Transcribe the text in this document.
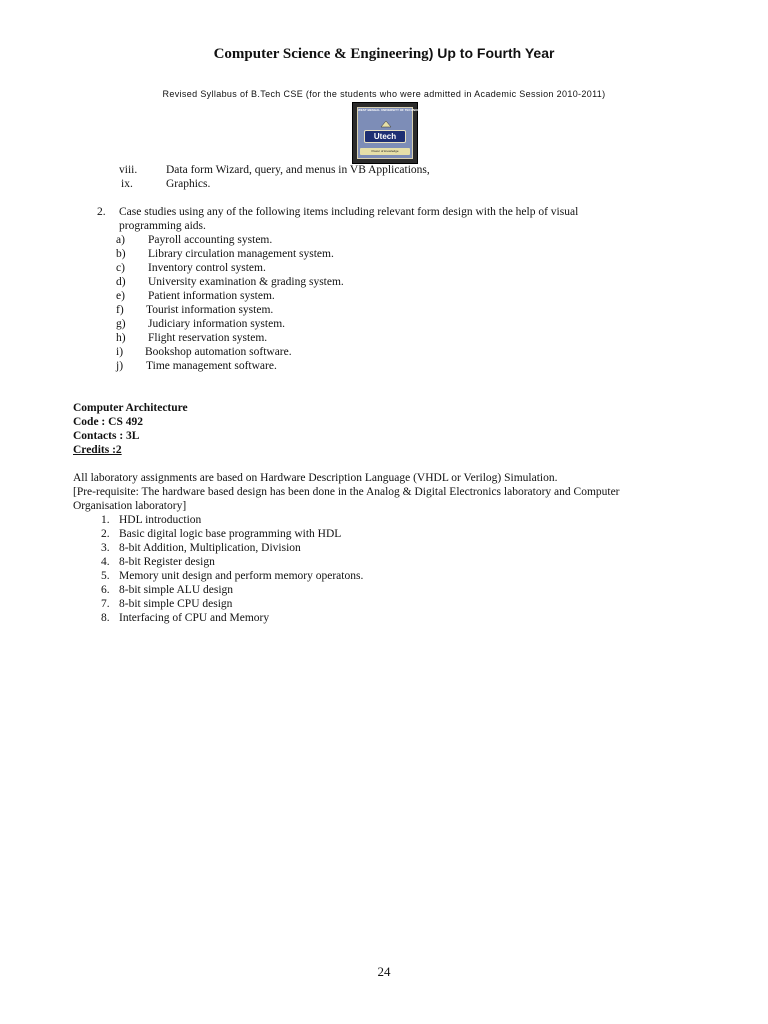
Computer Science & Engineering) Up to Fourth Year
Revised Syllabus of B.Tech CSE (for the students who were admitted in Academic Session 2010-2011)
WEST BENGAL UNIVERSITY OF TECHNOLOGY
Utech
Power of knowledge
viii.	Data form Wizard, query, and menus in VB Applications,
ix.	Graphics.
2. Case studies using any of the following items including relevant form design with the help of visual
programming aids.
a) Payroll accounting system.
b) Library circulation management system.
c) Inventory control system.
d) University examination & grading system.
e) Patient information system.
f) Tourist information system.
g) Judiciary information system.
h) Flight reservation system.
i) Bookshop automation software.
j) Time management software.
Computer Architecture
Code : CS 492
Contacts : 3L
Credits :2
All laboratory assignments are based on Hardware Description Language (VHDL or Verilog) Simulation.
[Pre-requisite: The hardware based design has been done in the Analog & Digital Electronics laboratory and Computer
Organisation laboratory]
1. HDL introduction
2. Basic digital logic base programming with HDL
3. 8-bit Addition, Multiplication, Division
4. 8-bit Register design
5. Memory unit design and perform memory operatons.
6. 8-bit simple ALU design
7. 8-bit simple CPU design
8. Interfacing of CPU and Memory
24
